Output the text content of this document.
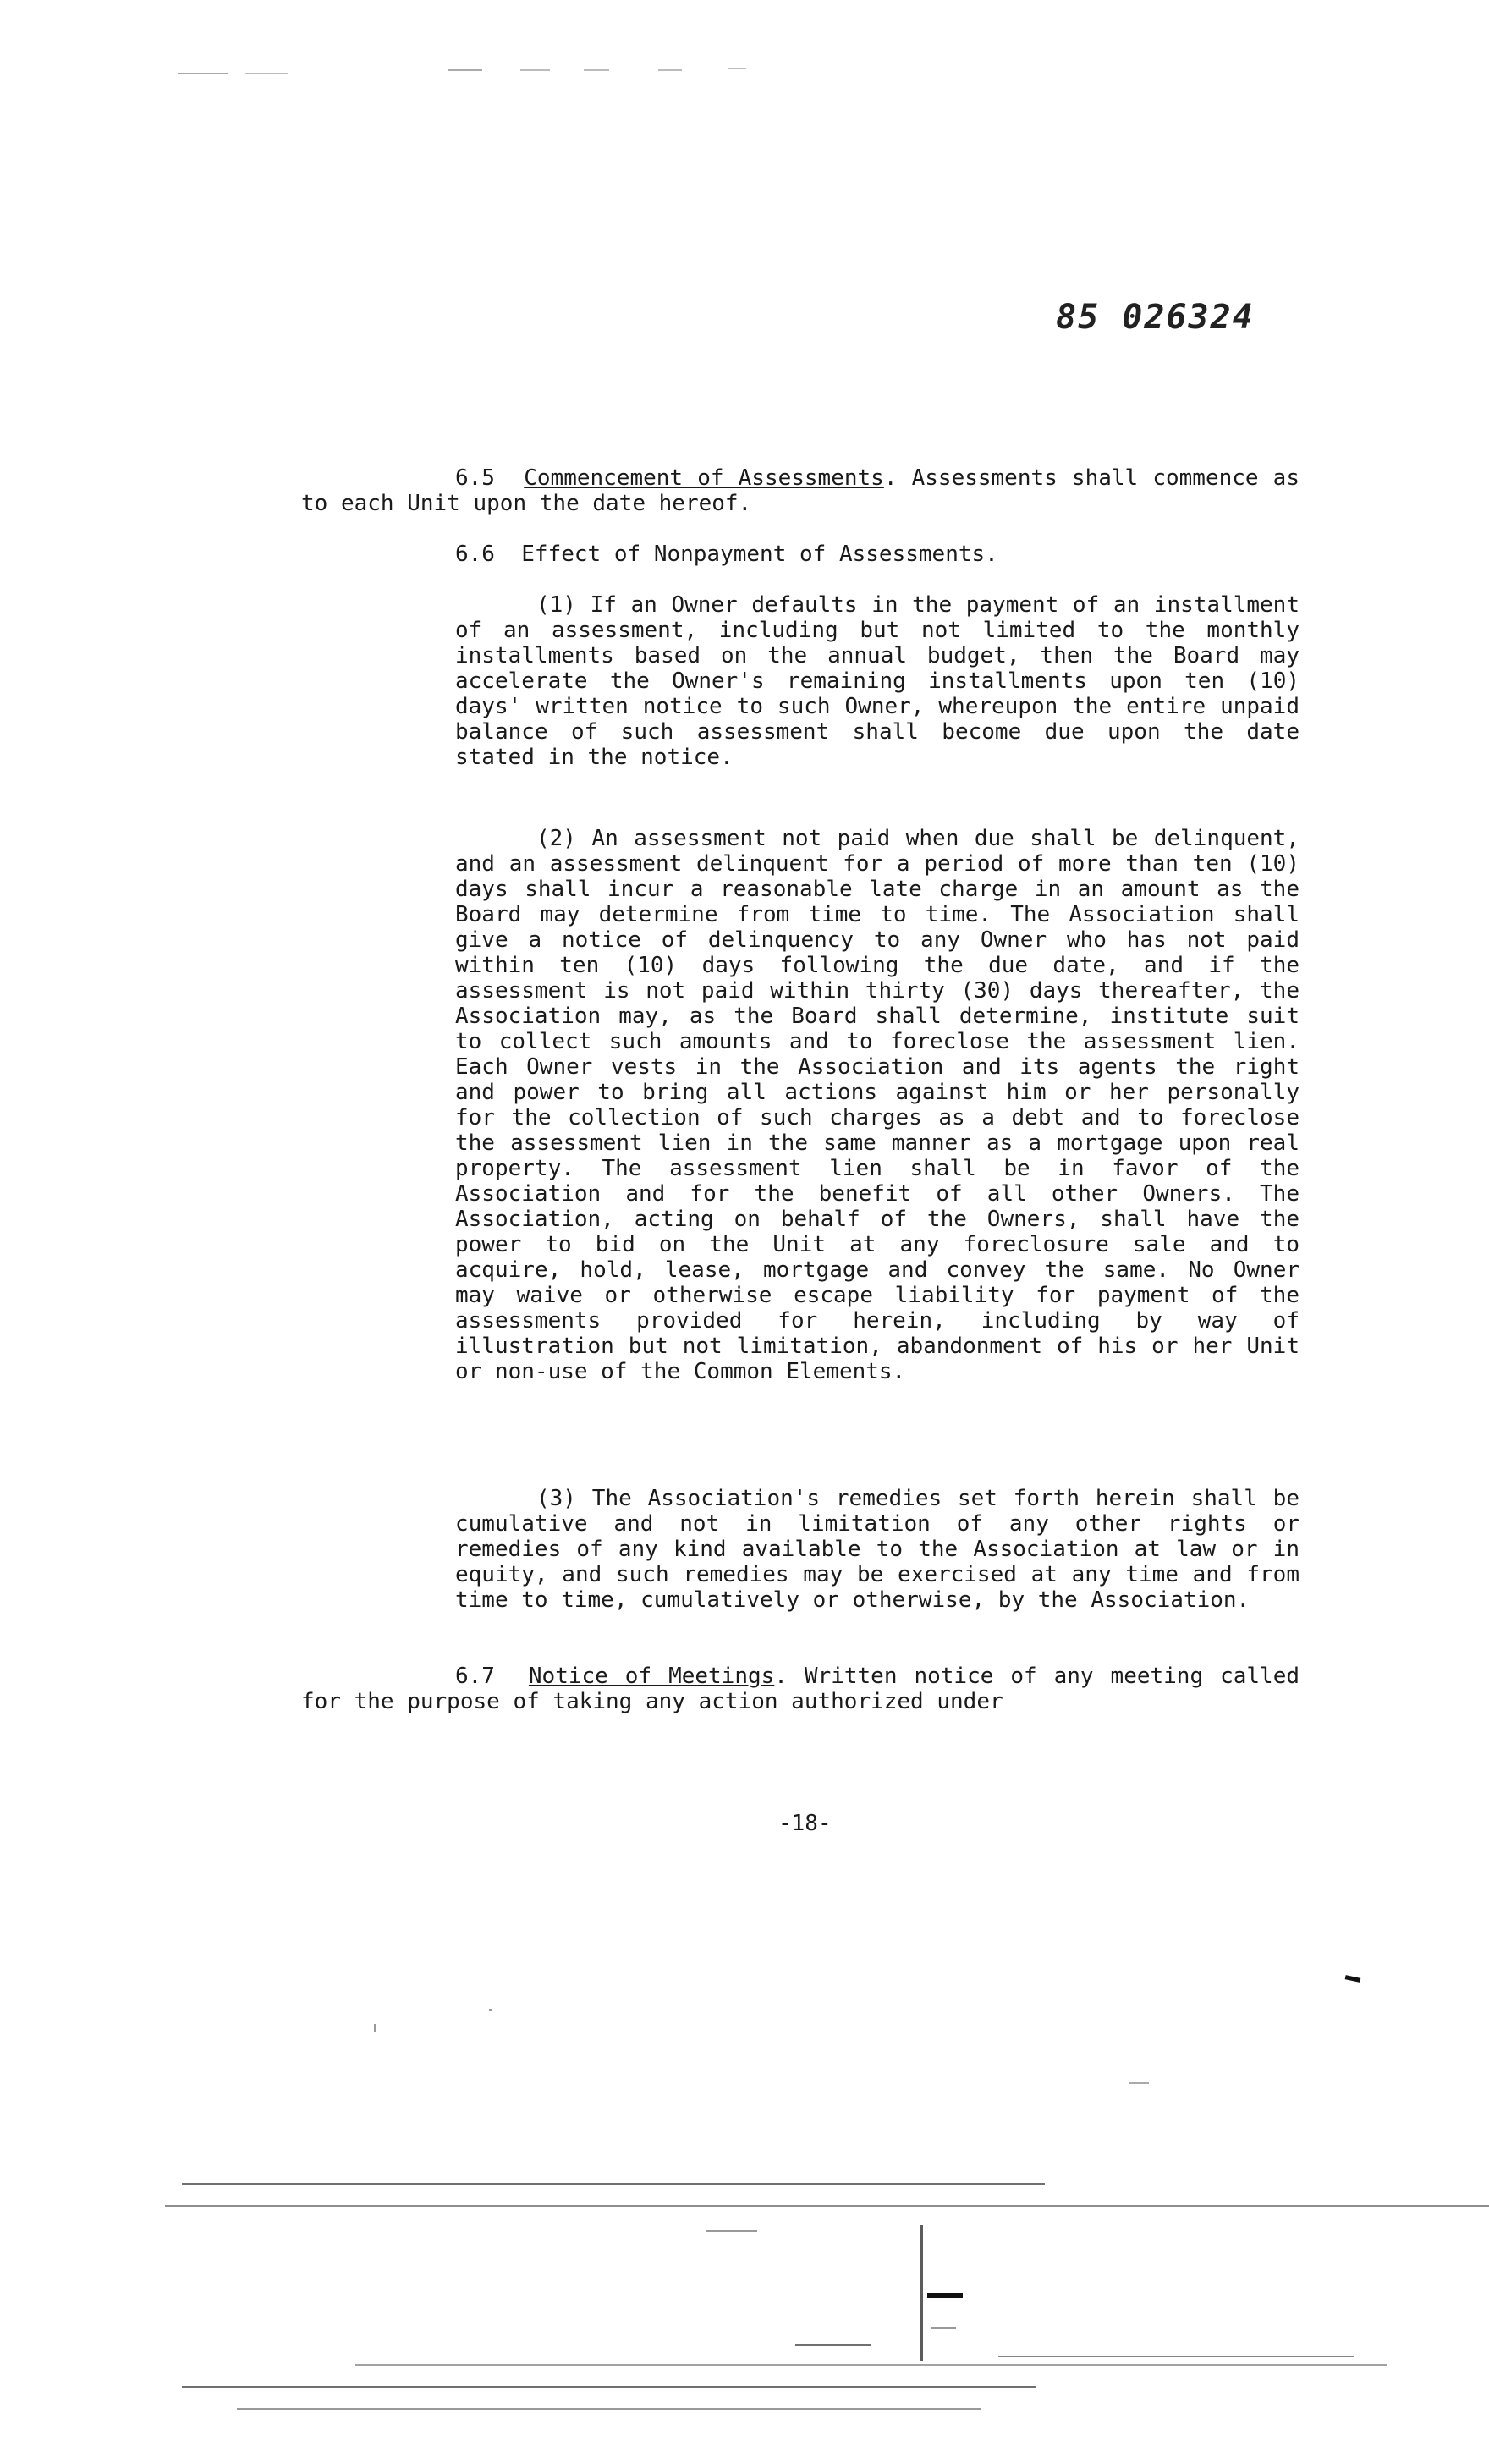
85 026324

6.5 Commencement of Assessments. Assessments shall commence as to each Unit upon the date hereof.

6.6 Effect of Nonpayment of Assessments.

(1) If an Owner defaults in the payment of an installment of an assessment, including but not limited to the monthly installments based on the annual budget, then the Board may accelerate the Owner's remaining installments upon ten (10) days' written notice to such Owner, whereupon the entire unpaid balance of such assessment shall become due upon the date stated in the notice.

(2) An assessment not paid when due shall be delinquent, and an assessment delinquent for a period of more than ten (10) days shall incur a reasonable late charge in an amount as the Board may determine from time to time. The Association shall give a notice of delinquency to any Owner who has not paid within ten (10) days following the due date, and if the assessment is not paid within thirty (30) days thereafter, the Association may, as the Board shall determine, institute suit to collect such amounts and to foreclose the assessment lien. Each Owner vests in the Association and its agents the right and power to bring all actions against him or her personally for the collection of such charges as a debt and to foreclose the assessment lien in the same manner as a mortgage upon real property. The assessment lien shall be in favor of the Association and for the benefit of all other Owners. The Association, acting on behalf of the Owners, shall have the power to bid on the Unit at any foreclosure sale and to acquire, hold, lease, mortgage and convey the same. No Owner may waive or otherwise escape liability for payment of the assessments provided for herein, including by way of illustration but not limitation, abandonment of his or her Unit or non-use of the Common Elements.

(3) The Association's remedies set forth herein shall be cumulative and not in limitation of any other rights or remedies of any kind available to the Association at law or in equity, and such remedies may be exercised at any time and from time to time, cumulatively or otherwise, by the Association.

6.7 Notice of Meetings. Written notice of any meeting called for the purpose of taking any action authorized under

-18-
